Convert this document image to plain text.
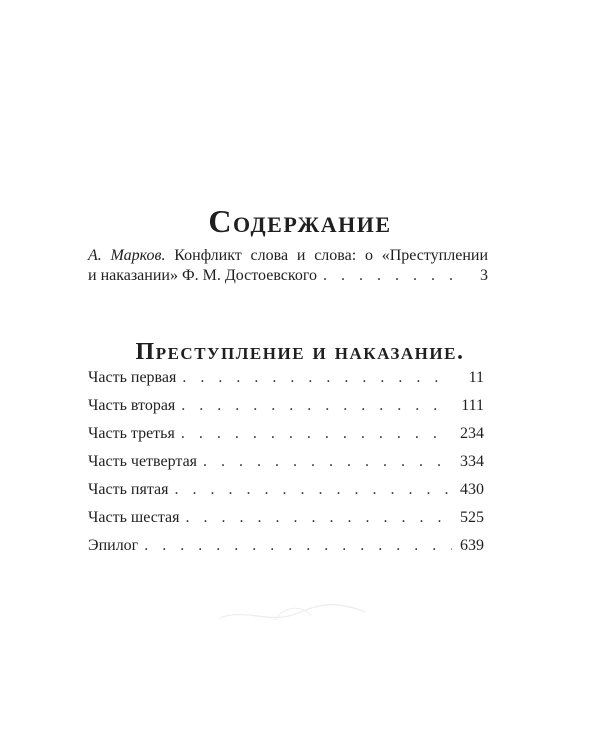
Содержание
А. Марков. Конфликт слова и слова: о «Преступлении
и наказании» Ф. М. Достоевского . . .	3
Преступление и наказание.
Часть первая . . .	11
Часть вторая . . .	111
Часть третья . . .	234
Часть четвертая . . .	334
Часть пятая . . .	430
Часть шестая . . .	525
Эпилог . . .	639
